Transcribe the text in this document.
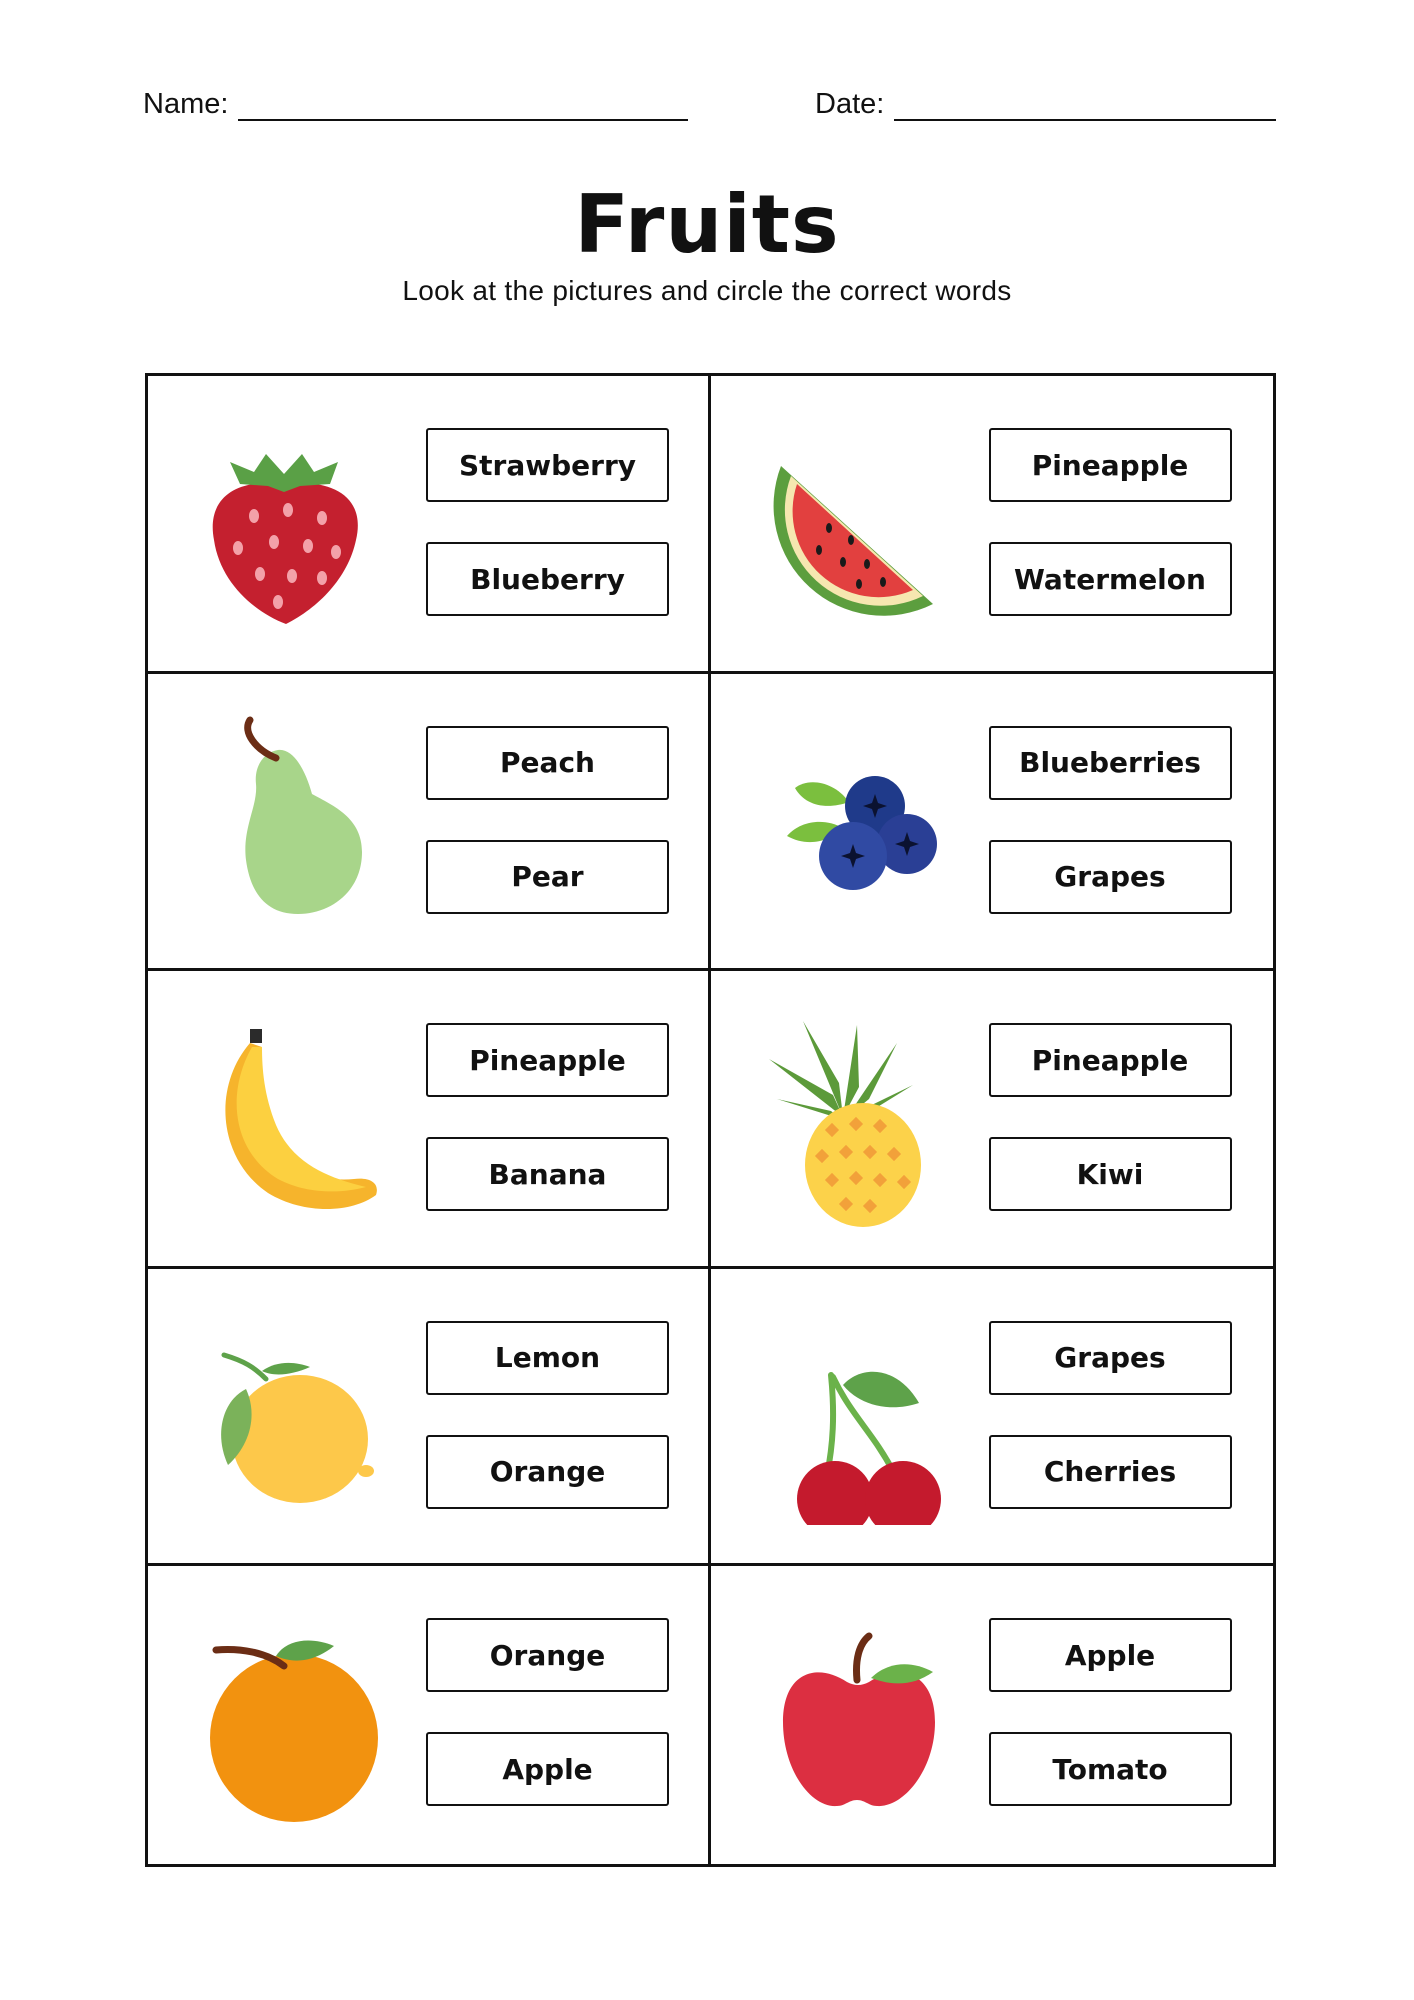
Name:	Date:
Fruits

Look at the pictures and circle the correct words

Strawberry
Blueberry
Pineapple
Watermelon
Peach
Pear
Blueberries
Grapes
Pineapple
Banana
Pineapple
Kiwi
Lemon
Orange
Grapes
Cherries
Orange
Apple
Apple
Tomato
